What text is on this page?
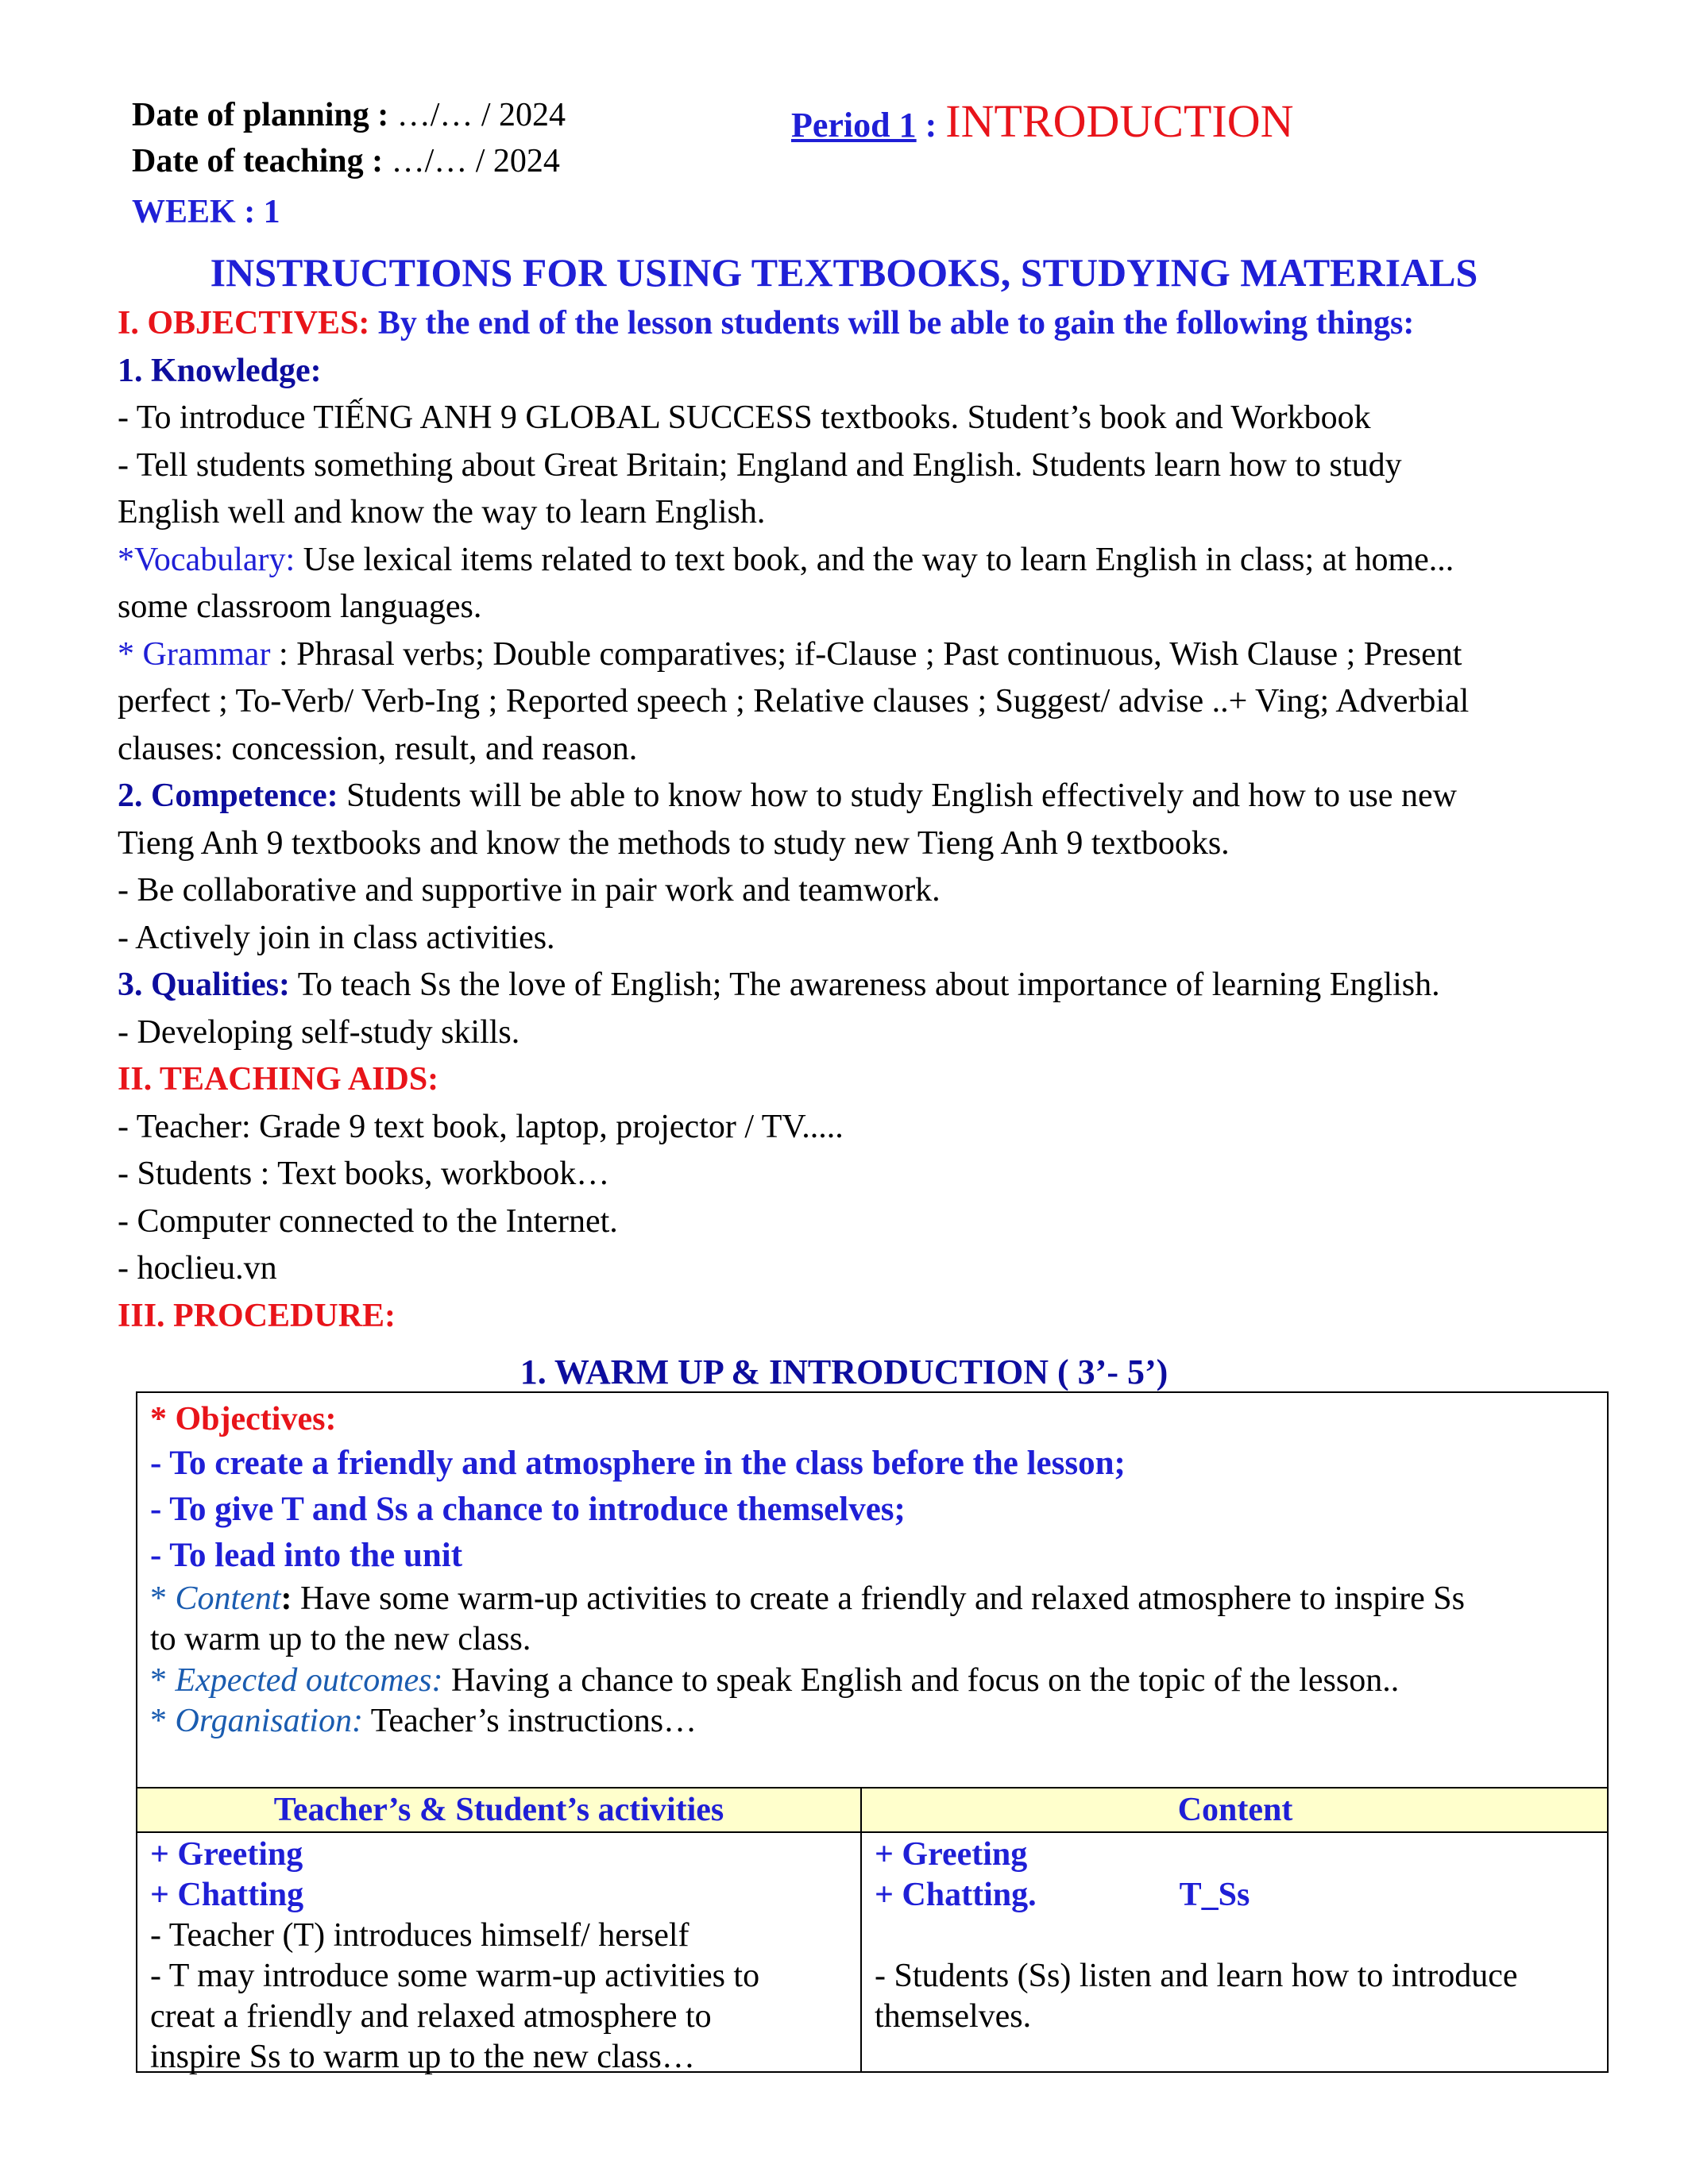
Date of planning : …/… / 2024
Date of teaching : …/… / 2024
WEEK : 1
Period 1 : INTRODUCTION
INSTRUCTIONS FOR USING TEXTBOOKS, STUDYING MATERIALS

I. OBJECTIVES: By the end of the lesson students will be able to gain the following things:

1. Knowledge:

- To introduce TIẾNG ANH 9 GLOBAL SUCCESS textbooks. Student’s book and Workbook

- Tell students something about Great Britain; England and English. Students learn how to study

English well and know the way to learn English.

*Vocabulary: Use lexical items related to text book, and the way to learn English in class; at home...

some classroom languages.

* Grammar : Phrasal verbs; Double comparatives; if-Clause ; Past continuous, Wish Clause ; Present

perfect ; To-Verb/ Verb-Ing ; Reported speech ; Relative clauses ; Suggest/ advise ..+ Ving; Adverbial

clauses: concession, result, and reason.

2. Competence: Students will be able to know how to study English effectively and how to use new

Tieng Anh 9 textbooks and know the methods to study new Tieng Anh 9 textbooks.

- Be collaborative and supportive in pair work and teamwork.

- Actively join in class activities.

3. Qualities: To teach Ss the love of English; The awareness about importance of learning English.

- Developing self-study skills.

II. TEACHING AIDS:

- Teacher: Grade 9 text book, laptop, projector / TV.....

- Students : Text books, workbook…

- Computer connected to the Internet.

- hoclieu.vn

III. PROCEDURE:

1. WARM UP & INTRODUCTION ( 3’- 5’)

* Objectives:

- To create a friendly and atmosphere in the class before the lesson;

- To give T and Ss a chance to introduce themselves;

- To lead into the unit

* Content: Have some warm-up activities to create a friendly and relaxed atmosphere to inspire Ss

to warm up to the new class.

* Expected outcomes: Having a chance to speak English and focus on the topic of the lesson..

* Organisation: Teacher’s instructions…

Teacher’s & Student’s activities	Content

+ Greeting

+ Chatting

- Teacher (T) introduces himself/ herself

- T may introduce some warm-up activities to

creat a friendly and relaxed atmosphere to

inspire Ss to warm up to the new class…

+ Greeting

+ Chatting.	T_Ss

- Students (Ss) listen and learn how to introduce

themselves.
